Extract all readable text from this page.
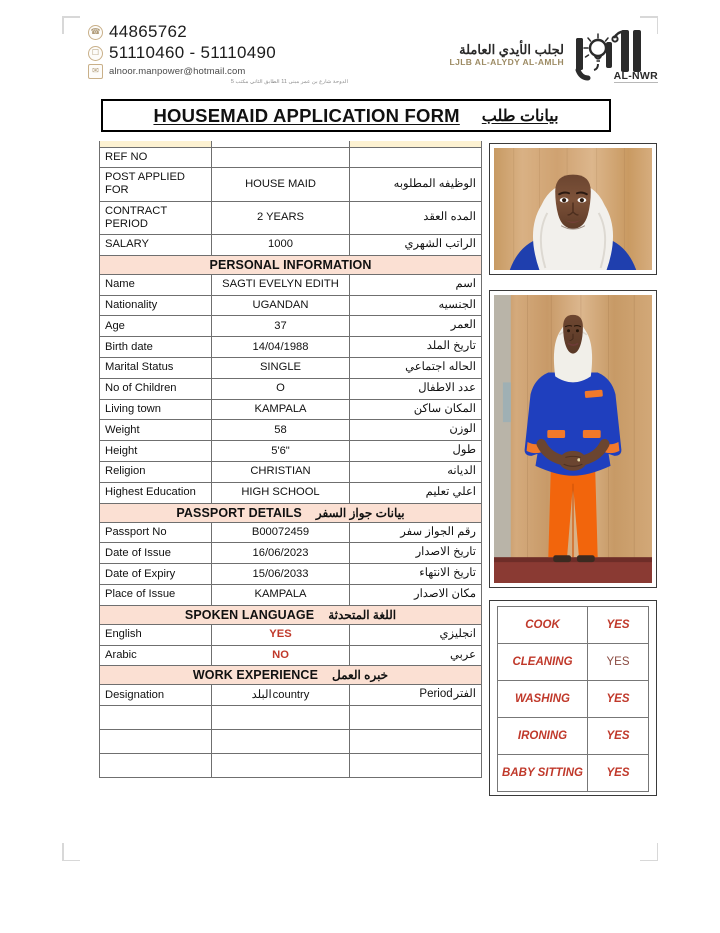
☎ 44865762
☐ 51110460 - 51110490
✉	alnoor.manpower@hotmail.com
الدوحة شارع بن عمر مبنى 11 الطابق الثاني مكتب 5
لجلب الأيدي العاملة
LJLB AL-ALYDY AL-AMLH
AL-NWR
HOUSEMAID APPLICATION FORM بيانات طلب

REF NO		
POST APPLIED FOR	HOUSE MAID	الوظيفه المطلوبه
CONTRACT PERIOD	2 YEARS	المده العقد
SALARY	1000	الراتب الشهري

PERSONAL INFORMATION		

Name	SAGTI EVELYN EDITH	اسم
Nationality	UGANDAN	الجنسيه
Age	37	العمر
Birth date	14/04/1988	تاريخ الملد
Marital Status	SINGLE	الحاله اجتماعي
No of Children	O	عدد الاطفال
Living town	KAMPALA	المكان ساكن
Weight	58	الوزن
Height	5'6"	طول
Religion	CHRISTIAN	الديانه
Highest Education	HIGH SCHOOL	اعلي تعليم

PASSPORT DETAILS بيانات جواز السفر		

Passport No	B00072459	رقم الجواز سفر
Date of Issue	16/06/2023	تاريخ الاصدار
Date of Expiry	15/06/2033	تاريخ الانتهاء
Place of Issue	KAMPALA	مكان الاصدار

SPOKEN LANGUAGE اللغة المتحدثة		

English	YES	انجليزي
Arabic	NO	عربي

WORK EXPERIENCE خبره العمل		

Designation	البلد country	الفتر
Period

COOK	YES
CLEANING	YES
WASHING	YES
IRONING	YES
BABY SITTING	YES
